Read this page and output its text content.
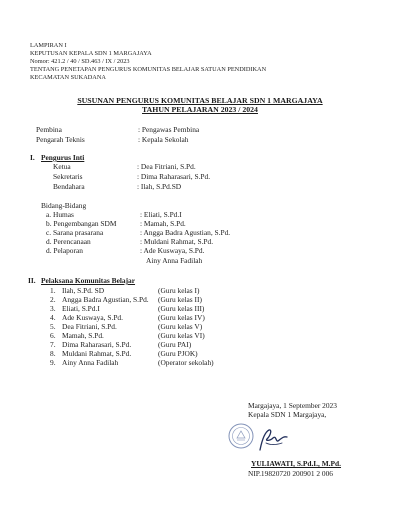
LAMPIRAN I
KEPUTUSAN KEPALA SDN 1 MARGAJAYA
Nomor: 421.2 / 40 / SD.463 / IX / 2023
TENTANG PENETAPAN PENGURUS KOMUNITAS BELAJAR SATUAN PENDIDIKAN
KECAMATAN SUKADANA
SUSUNAN PENGURUS KOMUNITAS BELAJAR SDN 1 MARGAJAYA
TAHUN PELAJARAN 2023 / 2024
Pembina	: Pengawas Pembina
Pengarah Teknis	: Kepala Sekolah
I. Pengurus Inti
Ketua	: Dea Fitriani, S.Pd.
Sekretaris	: Dima Raharasari, S.Pd.
Bendahara	: Ilah, S.Pd.SD
Bidang-Bidang
a. Humas	: Eliati, S.Pd.I
b. Pengembangan SDM	: Mamah, S.Pd.
c. Sarana prasarana	: Angga Badra Agustian, S.Pd.
d. Perencanaan	: Muldani Rahmat, S.Pd.
d. Pelaporan	: Ade Kuswaya, S.Pd.
Ainy Anna Fadilah
II. Pelaksana Komunitas Belajar
1. Ilah, S.Pd. SD	(Guru kelas I)
2. Angga Badra Agustian, S.Pd. (Guru kelas II)
3. Eliati, S.Pd.I	(Guru kelas III)
4. Ade Kuswaya, S.Pd.	(Guru kelas IV)
5. Dea Fitriani, S.Pd.	(Guru kelas V)
6. Mamah, S.Pd.	(Guru kelas VI)
7. Dima Raharasari, S.Pd.	(Guru PAI)
8. Muldani Rahmat, S.Pd.	(Guru PJOK)
9. Ainy Anna Fadilah	(Operator sekolah)
Margajaya, 1 September 2023
Kepala SDN 1 Margajaya,
YULIAWATI, S.Pd.I., M.Pd.
NIP.19820720 200901 2 006
